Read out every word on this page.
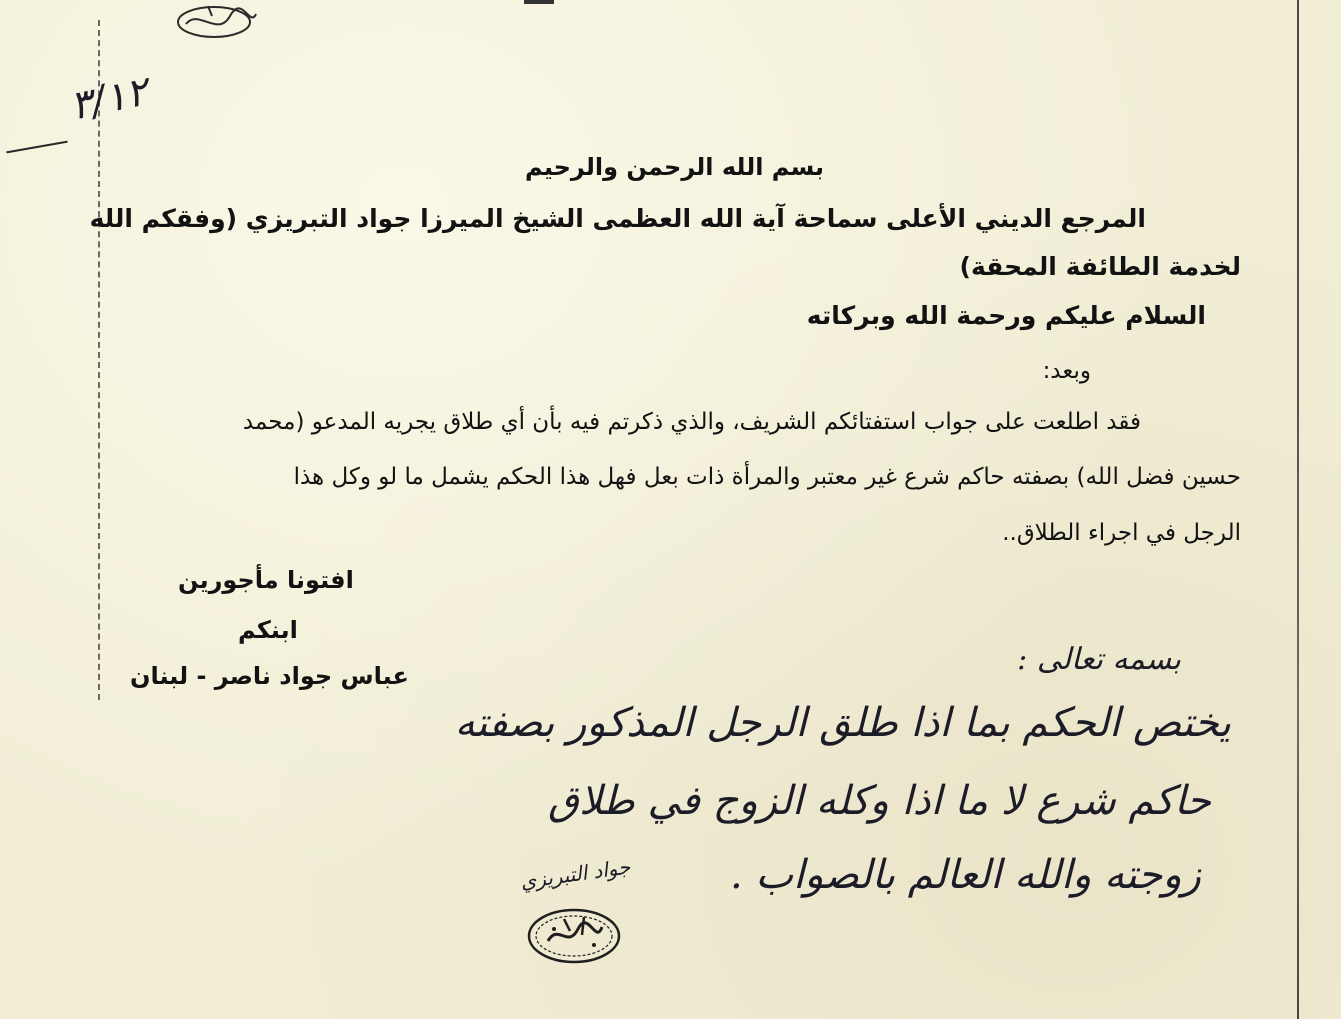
٣/١٢
بسم الله الرحمن والرحيم
المرجع الديني الأعلى سماحة آية الله العظمى الشيخ الميرزا جواد التبريزي (وفقكم الله
لخدمة الطائفة المحقة)
السلام عليكم ورحمة الله وبركاته
وبعد:
فقد اطلعت على جواب استفتائكم الشريف، والذي ذكرتم فيه بأن أي طلاق يجريه المدعو (محمد
حسين فضل الله) بصفته حاكم شرع غير معتبر والمرأة ذات بعل فهل هذا الحكم يشمل ما لو وكل هذا
الرجل في اجراء الطلاق..
افتونا مأجورين
ابنكم
عباس جواد ناصر - لبنان	بسمه تعالى :
يختص الحكم بما اذا طلق الرجل المذكور بصفته
حاكم شرع لا ما اذا وكله الزوج في طلاق
زوجته والله العالم بالصواب .
جواد التبريزي
